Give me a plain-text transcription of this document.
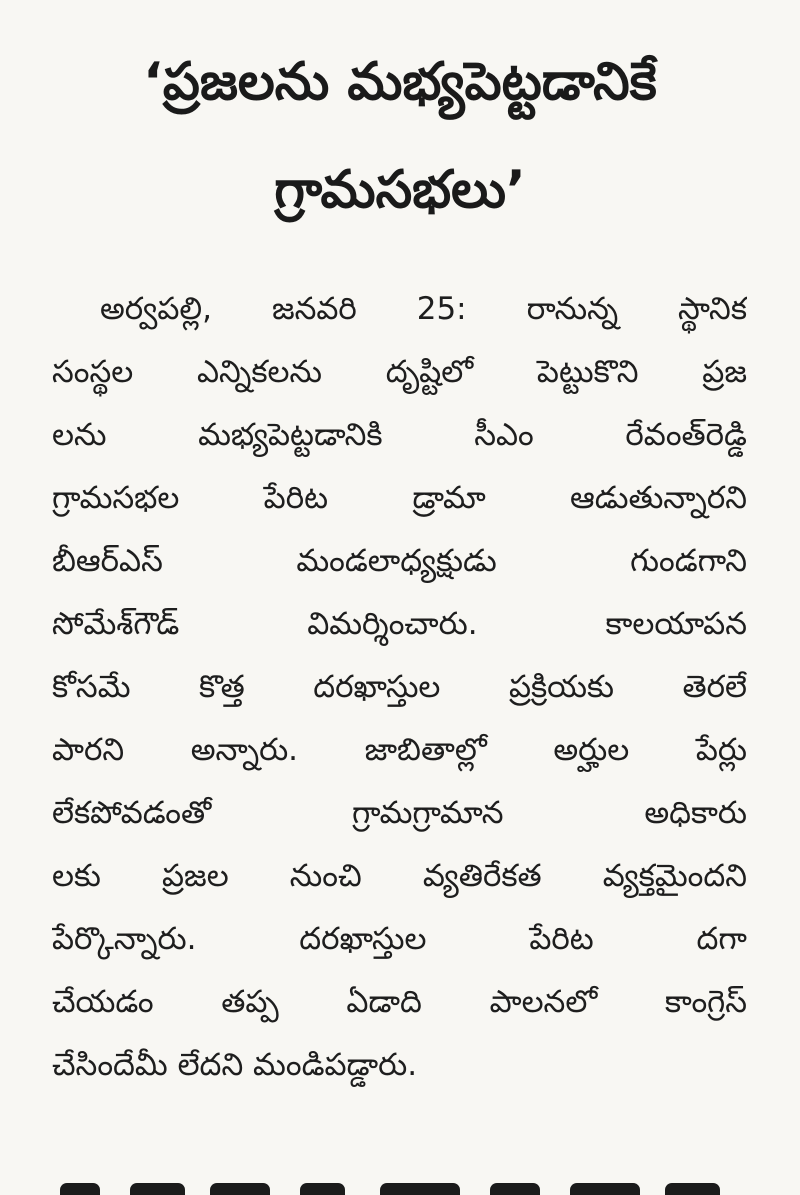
‘ప్రజలను మభ్యపెట్టడానికే
గ్రామసభలు’
అర్వపల్లి, జనవరి 25: రానున్న స్థానిక
సంస్థల ఎన్నికలను దృష్టిలో పెట్టుకొని ప్రజ
లను మభ్యపెట్టడానికి సీఎం రేవంత్‌రెడ్డి
గ్రామసభల పేరిట డ్రామా ఆడుతున్నారని
బీఆర్‌ఎస్ మండలాధ్యక్షుడు గుండగాని
సోమేశ్‌గౌడ్ విమర్శించారు. కాలయాపన
కోసమే కొత్త దరఖాస్తుల ప్రక్రియకు తెరలే
పారని అన్నారు. జాబితాల్లో అర్హుల పేర్లు
లేకపోవడంతో గ్రామగ్రామాన అధికారు
లకు ప్రజల నుంచి వ్యతిరేకత వ్యక్తమైందని
పేర్కొన్నారు. దరఖాస్తుల పేరిట దగా
చేయడం తప్ప ఏడాది పాలనలో కాంగ్రెస్
చేసిందేమీ లేదని మండిపడ్డారు.
